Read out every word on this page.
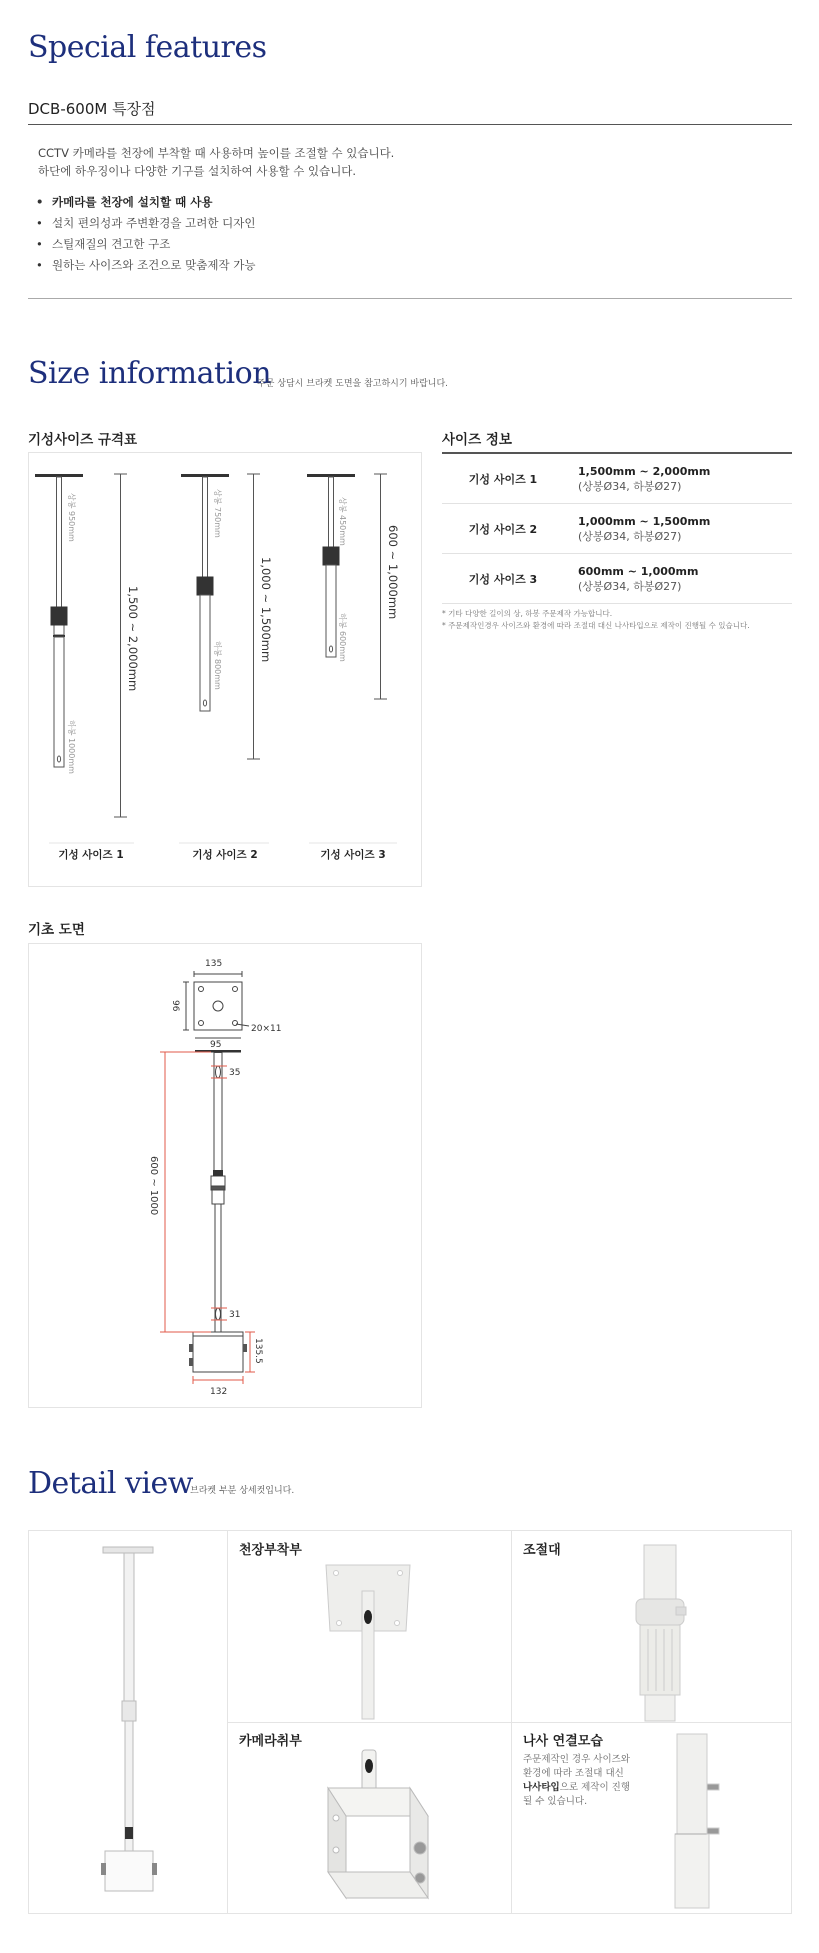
Special features
DCB-600M 특장점

CCTV 카메라를 천장에 부착할 때 사용하며 높이를 조절할 수 있습니다.

하단에 하우징이나 다양한 기구를 설치하여 사용할 수 있습니다.

• 카메라를 천장에 설치할 때 사용
• 설치 편의성과 주변환경을 고려한 디자인
• 스틸재질의 견고한 구조
• 원하는 사이즈와 조건으로 맞춤제작 가능
Size information
주문 상담시 브라켓 도면을 참고하시기 바랍니다.
기성사이즈 규격표
상봉 950mm
하봉 1000mm
상봉 750mm
하봉 800mm
상봉 450mm
하봉 600mm
1,500 ~ 2,000mm	1,000 ~ 1,500mm	600 ~ 1,000mm
기성 사이즈 1	기성 사이즈 2	기성 사이즈 3
사이즈 정보
기성 사이즈 1	1,500mm ~ 2,000mm
(상봉Ø34, 하봉Ø27)

기성 사이즈 2	1,000mm ~ 1,500mm
(상봉Ø34, 하봉Ø27)

기성 사이즈 3	600mm ~ 1,000mm
(상봉Ø34, 하봉Ø27)
* 기타 다양한 길이의 상, 하봉 주문제작 가능합니다.
* 주문제작인경우 사이즈와 환경에 따라 조절대 대신 나사타입으로 제작이 진행될 수 있습니다.
기초 도면
135
96
20×11
95
35
600 ~ 1000
31
135.5
132
Detail view
브라켓 부분 상세컷입니다.
천장부착부	조절대
카메라취부	나사 연결모습
주문제작인 경우 사이즈와
환경에 따라 조절대 대신
나사타입으로 제작이 진행
될 수 있습니다.
